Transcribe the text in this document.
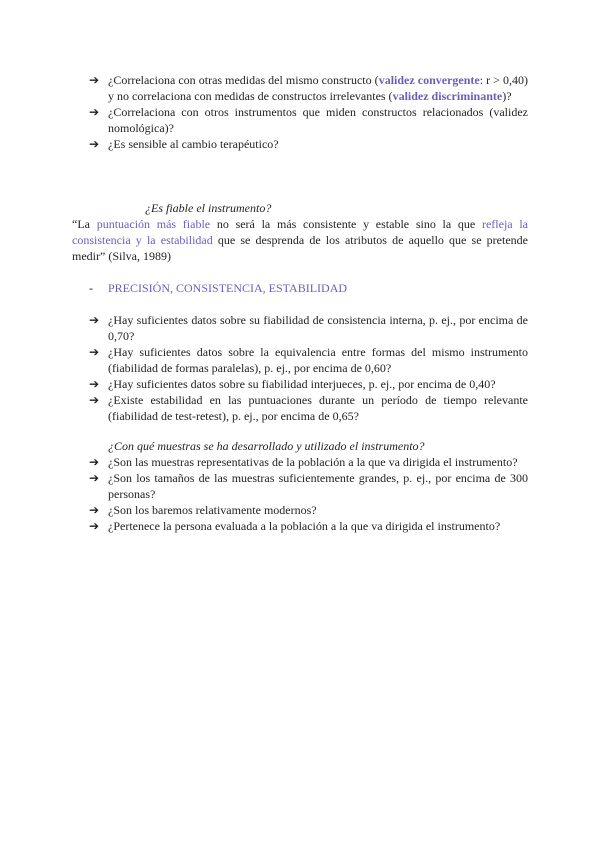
➔ ¿Correlaciona con otras medidas del mismo constructo (validez convergente: r > 0,40) y no correlaciona con medidas de constructos irrelevantes (validez discriminante)?

➔ ¿Correlaciona con otros instrumentos que miden constructos relacionados (validez nomológica)?

➔ ¿Es sensible al cambio terapéutico?

¿Es fiable el instrumento?
“La puntuación más fiable no será la más consistente y estable sino la que refleja la consistencia y la estabilidad que se desprenda de los atributos de aquello que se pretende medir” (Silva, 1989)
- PRECISIÓN, CONSISTENCIA, ESTABILIDAD

➔ ¿Hay suficientes datos sobre su fiabilidad de consistencia interna, p. ej., por encima de 0,70?

➔ ¿Hay suficientes datos sobre la equivalencia entre formas del mismo instrumento (fiabilidad de formas paralelas), p. ej., por encima de 0,60?

➔ ¿Hay suficientes datos sobre su fiabilidad interjueces, p. ej., por encima de 0,40?

➔ ¿Existe estabilidad en las puntuaciones durante un período de tiempo relevante (fiabilidad de test-retest), p. ej., por encima de 0,65?

¿Con qué muestras se ha desarrollado y utilizado el instrumento?

➔ ¿Son las muestras representativas de la población a la que va dirigida el instrumento?

➔ ¿Son los tamaños de las muestras suficientemente grandes, p. ej., por encima de 300 personas?

➔ ¿Son los baremos relativamente modernos?

➔ ¿Pertenece la persona evaluada a la población a la que va dirigida el instrumento?
